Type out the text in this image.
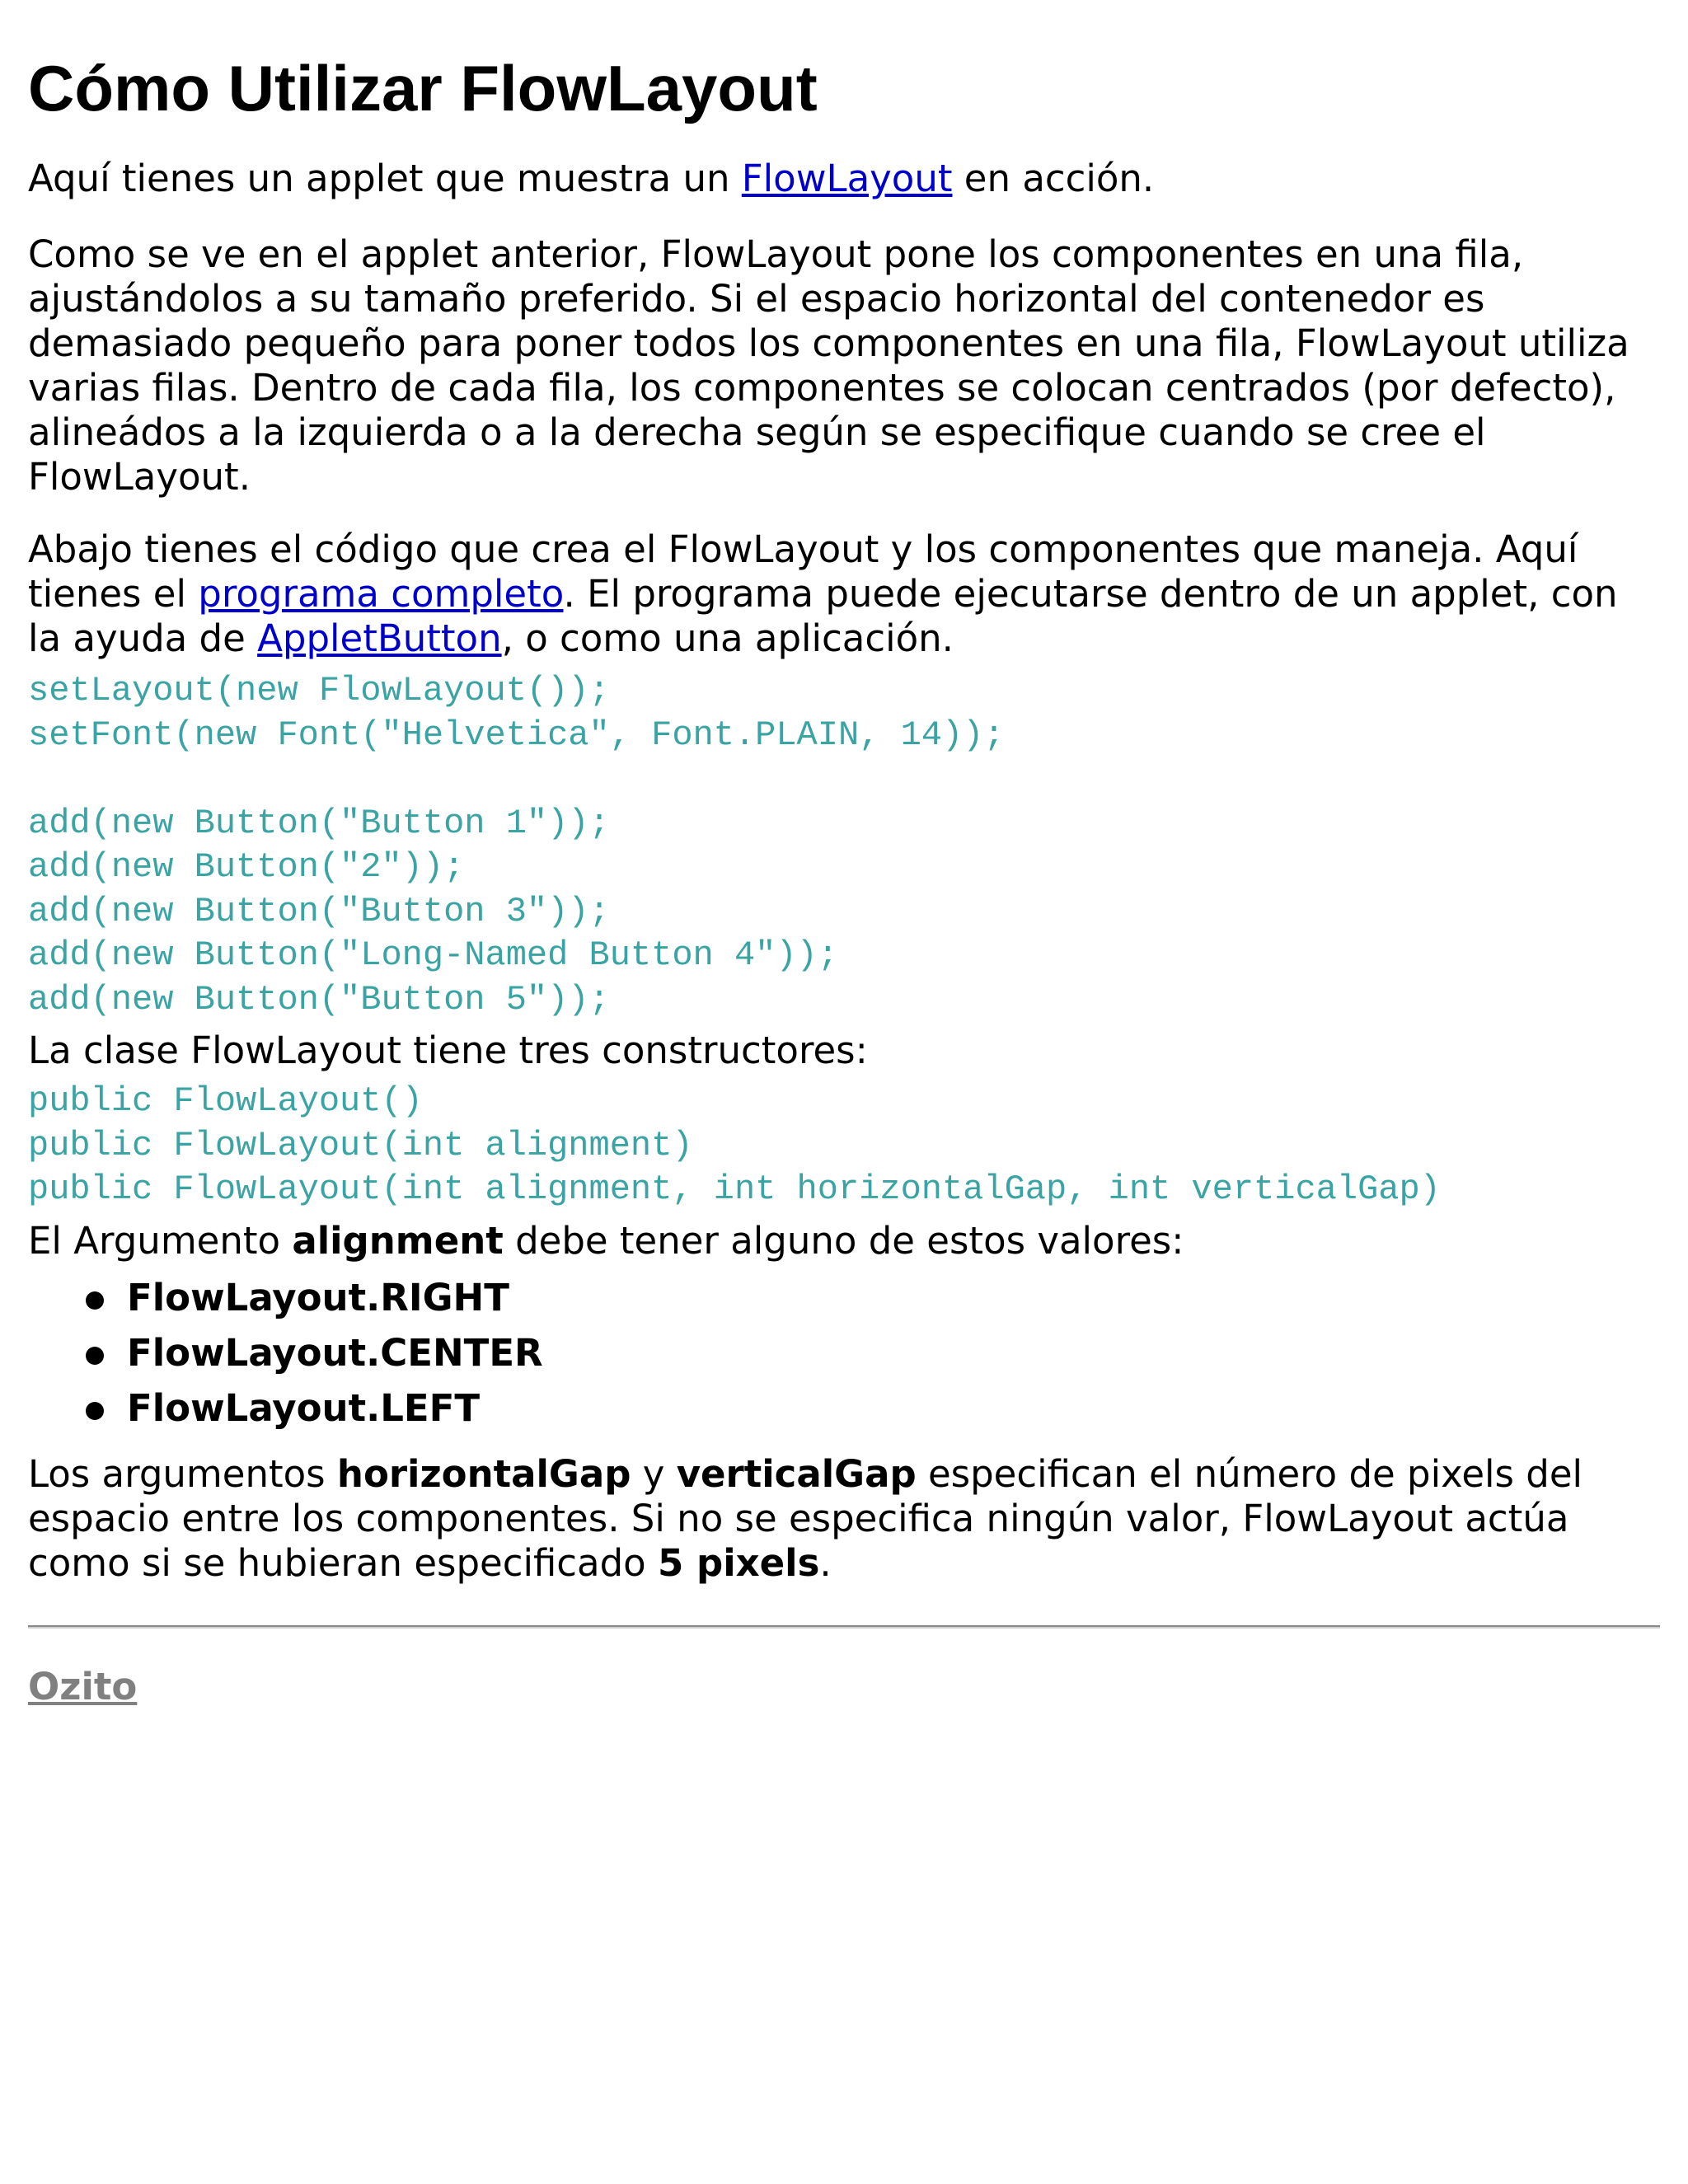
Cómo Utilizar FlowLayout

Aquí tienes un applet que muestra un FlowLayout en acción.

Como se ve en el applet anterior, FlowLayout pone los componentes en una fila, ajustándolos a su tamaño preferido. Si el espacio horizontal del contenedor es demasiado pequeño para poner todos los componentes en una fila, FlowLayout utiliza varias filas. Dentro de cada fila, los componentes se colocan centrados (por defecto), alineádos a la izquierda o a la derecha según se especifique cuando se cree el FlowLayout.

Abajo tienes el código que crea el FlowLayout y los componentes que maneja. Aquí tienes el programa completo. El programa puede ejecutarse dentro de un applet, con la ayuda de AppletButton, o como una aplicación.

setLayout(new FlowLayout());
setFont(new Font("Helvetica", Font.PLAIN, 14));

add(new Button("Button 1"));
add(new Button("2"));
add(new Button("Button 3"));
add(new Button("Long-Named Button 4"));
add(new Button("Button 5"));

La clase FlowLayout tiene tres constructores:

public FlowLayout()
public FlowLayout(int alignment)
public FlowLayout(int alignment, int horizontalGap, int verticalGap)

El Argumento alignment debe tener alguno de estos valores:

FlowLayout.RIGHT
FlowLayout.CENTER
FlowLayout.LEFT

Los argumentos horizontalGap y verticalGap especifican el número de pixels del espacio entre los componentes. Si no se especifica ningún valor, FlowLayout actúa como si se hubieran especificado 5 pixels.

Ozito
